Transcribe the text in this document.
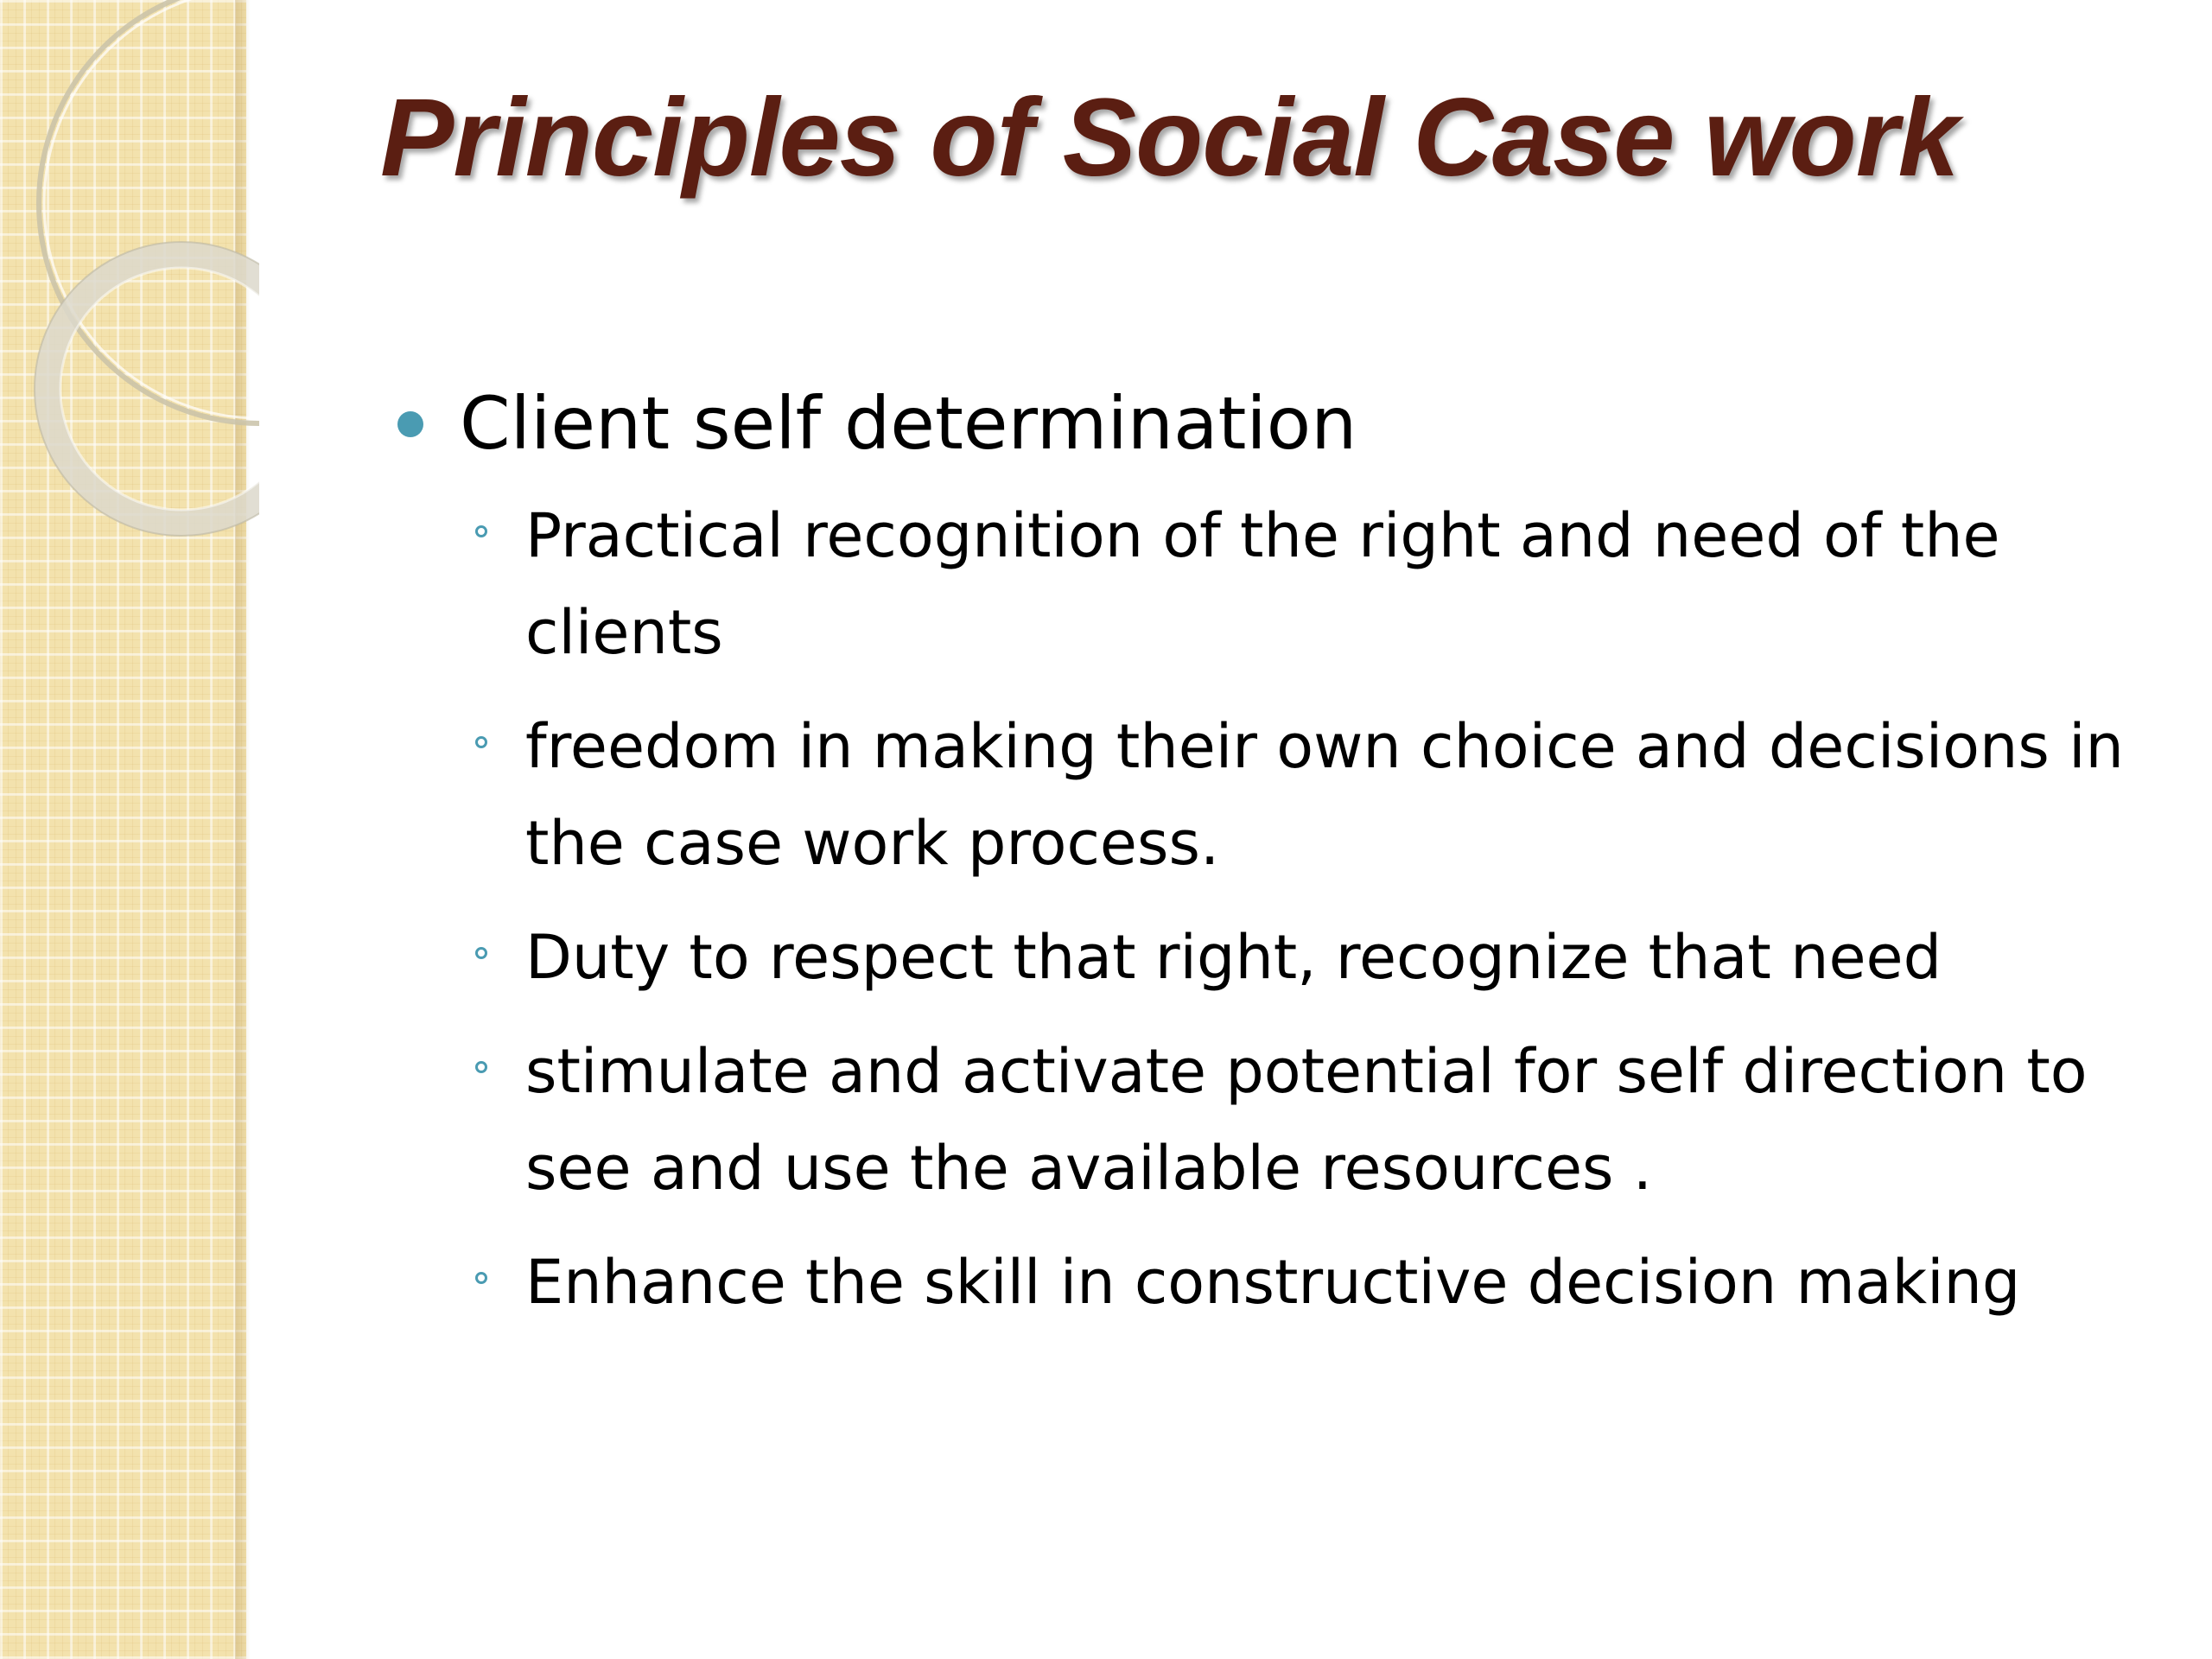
Principles of Social Case work
Client self determination
Practical recognition of the right and need of the clients
freedom in making their own choice and decisions in the case work process.
Duty to respect that right, recognize that need
stimulate and activate potential for self direction to see and use the available resources .
Enhance the skill in constructive decision making
